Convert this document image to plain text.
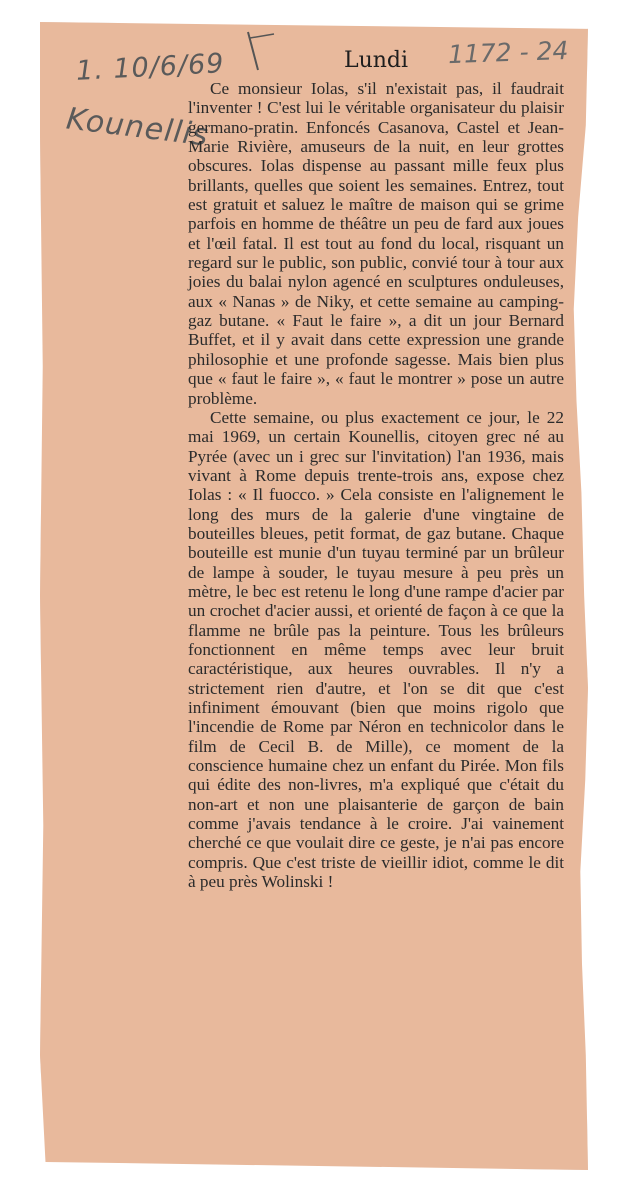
1. 10/6/69

Kounellis

1172 - 24

Lundi

Ce monsieur Iolas, s'il n'existait pas, il faudrait l'inventer ! C'est lui le véritable organisateur du plaisir germano-pratin. Enfoncés Casanova, Castel et Jean-Marie Rivière, amuseurs de la nuit, en leur grottes obscures. Iolas dispense au passant mille feux plus brillants, quelles que soient les semaines. Entrez, tout est gratuit et saluez le maître de maison qui se grime parfois en homme de théâtre un peu de fard aux joues et l'œil fatal. Il est tout au fond du local, risquant un regard sur le public, son public, convié tour à tour aux joies du balai nylon agencé en sculptures onduleuses, aux « Nanas » de Niky, et cette semaine au camping-gaz butane. « Faut le faire », a dit un jour Bernard Buffet, et il y avait dans cette expression une grande philosophie et une profonde sagesse. Mais bien plus que « faut le faire », « faut le montrer » pose un autre problème.

Cette semaine, ou plus exactement ce jour, le 22 mai 1969, un certain Kounellis, citoyen grec né au Pyrée (avec un i grec sur l'invitation) l'an 1936, mais vivant à Rome depuis trente-trois ans, expose chez Iolas : « Il fuocco. » Cela consiste en l'alignement le long des murs de la galerie d'une vingtaine de bouteilles bleues, petit format, de gaz butane. Chaque bouteille est munie d'un tuyau terminé par un brûleur de lampe à souder, le tuyau mesure à peu près un mètre, le bec est retenu le long d'une rampe d'acier par un crochet d'acier aussi, et orienté de façon à ce que la flamme ne brûle pas la peinture. Tous les brûleurs fonctionnent en même temps avec leur bruit caractéristique, aux heures ouvrables. Il n'y a strictement rien d'autre, et l'on se dit que c'est infiniment émouvant (bien que moins rigolo que l'incendie de Rome par Néron en technicolor dans le film de Cecil B. de Mille), ce moment de la conscience humaine chez un enfant du Pirée. Mon fils qui édite des non-livres, m'a expliqué que c'était du non-art et non une plaisanterie de garçon de bain comme j'avais tendance à le croire. J'ai vainement cherché ce que voulait dire ce geste, je n'ai pas encore compris. Que c'est triste de vieillir idiot, comme le dit à peu près Wolinski !
